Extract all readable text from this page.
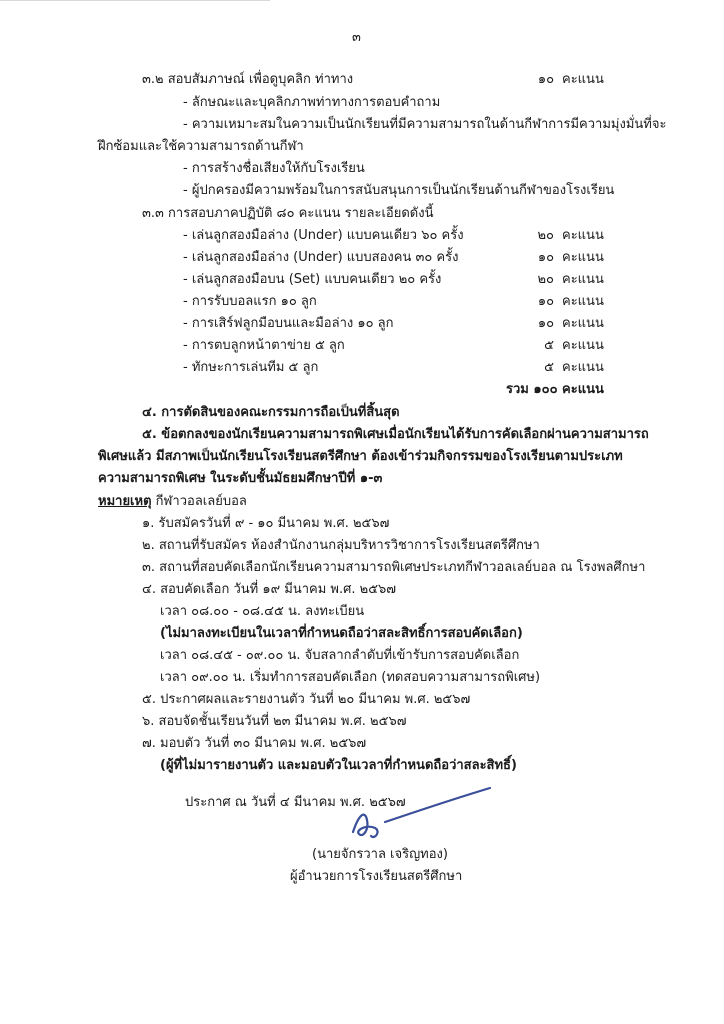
๓
๓.๒ สอบสัมภาษณ์ เพื่อดูบุคลิก ท่าทาง	๑๐ คะแนน
- ลักษณะและบุคลิกภาพท่าทางการตอบคำถาม
- ความเหมาะสมในความเป็นนักเรียนที่มีความสามารถในด้านกีฬาการมีความมุ่งมั่นที่จะ
ฝึกซ้อมและใช้ความสามารถด้านกีฬา
- การสร้างชื่อเสียงให้กับโรงเรียน
- ผู้ปกครองมีความพร้อมในการสนับสนุนการเป็นนักเรียนด้านกีฬาของโรงเรียน
๓.๓ การสอบภาคปฏิบัติ ๘๐ คะแนน รายละเอียดดังนี้
- เล่นลูกสองมือล่าง (Under) แบบคนเดียว ๖๐ ครั้ง	๒๐ คะแนน
- เล่นลูกสองมือล่าง (Under) แบบสองคน ๓๐ ครั้ง	๑๐ คะแนน
- เล่นลูกสองมือบน (Set) แบบคนเดียว ๒๐ ครั้ง	๒๐ คะแนน
- การรับบอลแรก ๑๐ ลูก	๑๐ คะแนน
- การเสิร์ฟลูกมือบนและมือล่าง ๑๐ ลูก	๑๐ คะแนน
- การตบลูกหน้าตาข่าย ๕ ลูก	๕ คะแนน
- ทักษะการเล่นทีม ๕ ลูก	๕ คะแนน
รวม ๑๐๐ คะแนน
๔. การตัดสินของคณะกรรมการถือเป็นที่สิ้นสุด
๕. ข้อตกลงของนักเรียนความสามารถพิเศษเมื่อนักเรียนได้รับการคัดเลือกผ่านความสามารถ
พิเศษแล้ว มีสภาพเป็นนักเรียนโรงเรียนสตรีศึกษา ต้องเข้าร่วมกิจกรรมของโรงเรียนตามประเภท
ความสามารถพิเศษ ในระดับชั้นมัธยมศึกษาปีที่ ๑-๓
หมายเหตุ กีฬาวอลเลย์บอล
๑. รับสมัครวันที่ ๙ - ๑๐ มีนาคม พ.ศ. ๒๕๖๗
๒. สถานที่รับสมัคร ห้องสำนักงานกลุ่มบริหารวิชาการโรงเรียนสตรีศึกษา
๓. สถานที่สอบคัดเลือกนักเรียนความสามารถพิเศษประเภทกีฬาวอลเลย์บอล ณ โรงพลศึกษา
๔. สอบคัดเลือก วันที่ ๑๙ มีนาคม พ.ศ. ๒๕๖๗
เวลา ๐๘.๐๐ - ๐๘.๔๕ น. ลงทะเบียน
(ไม่มาลงทะเบียนในเวลาที่กำหนดถือว่าสละสิทธิ์การสอบคัดเลือก)
เวลา ๐๘.๔๕ - ๐๙.๐๐ น. จับสลากลำดับที่เข้ารับการสอบคัดเลือก
เวลา ๐๙.๐๐ น. เริ่มทำการสอบคัดเลือก (ทดสอบความสามารถพิเศษ)
๕. ประกาศผลและรายงานตัว วันที่ ๒๐ มีนาคม พ.ศ. ๒๕๖๗
๖. สอบจัดชั้นเรียนวันที่ ๒๓ มีนาคม พ.ศ. ๒๕๖๗
๗. มอบตัว วันที่ ๓๐ มีนาคม พ.ศ. ๒๕๖๗
(ผู้ที่ไม่มารายงานตัว และมอบตัวในเวลาที่กำหนดถือว่าสละสิทธิ์)
ประกาศ ณ วันที่ ๔ มีนาคม พ.ศ. ๒๕๖๗
(นายจักรวาล เจริญทอง)
ผู้อำนวยการโรงเรียนสตรีศึกษา
